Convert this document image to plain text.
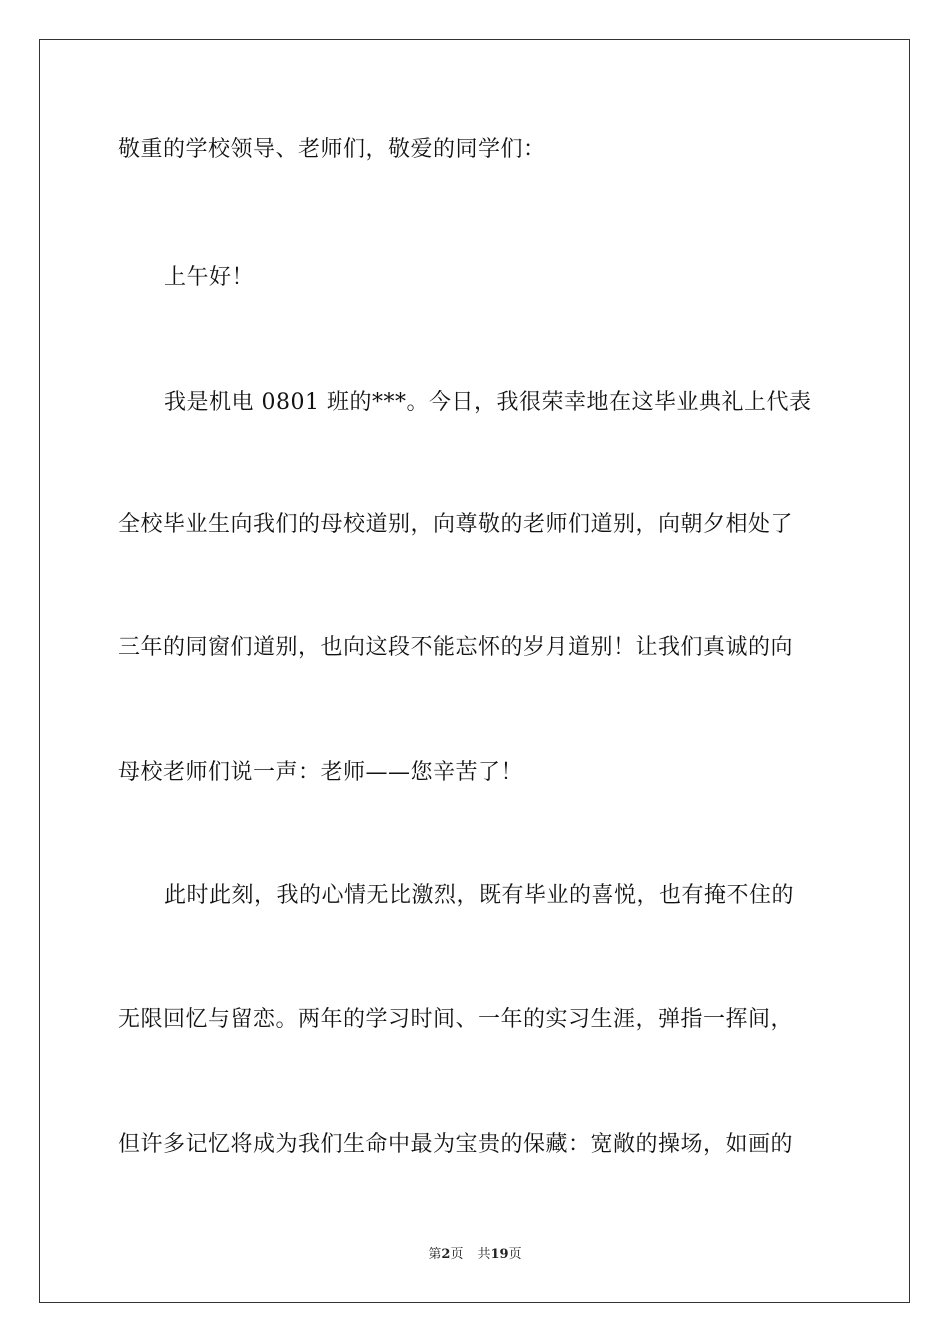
敬重的学校领导、老师们，敬爱的同学们：
上午好！
我是机电 0801 班的***。今日，我很荣幸地在这毕业典礼上代表
全校毕业生向我们的母校道别，向尊敬的老师们道别，向朝夕相处了
三年的同窗们道别，也向这段不能忘怀的岁月道别！让我们真诚的向
母校老师们说一声：老师——您辛苦了！
此时此刻，我的心情无比激烈，既有毕业的喜悦，也有掩不住的
无限回忆与留恋。两年的学习时间、一年的实习生涯，弹指一挥间，
但许多记忆将成为我们生命中最为宝贵的保藏：宽敞的操场，如画的
第2页 共19页
